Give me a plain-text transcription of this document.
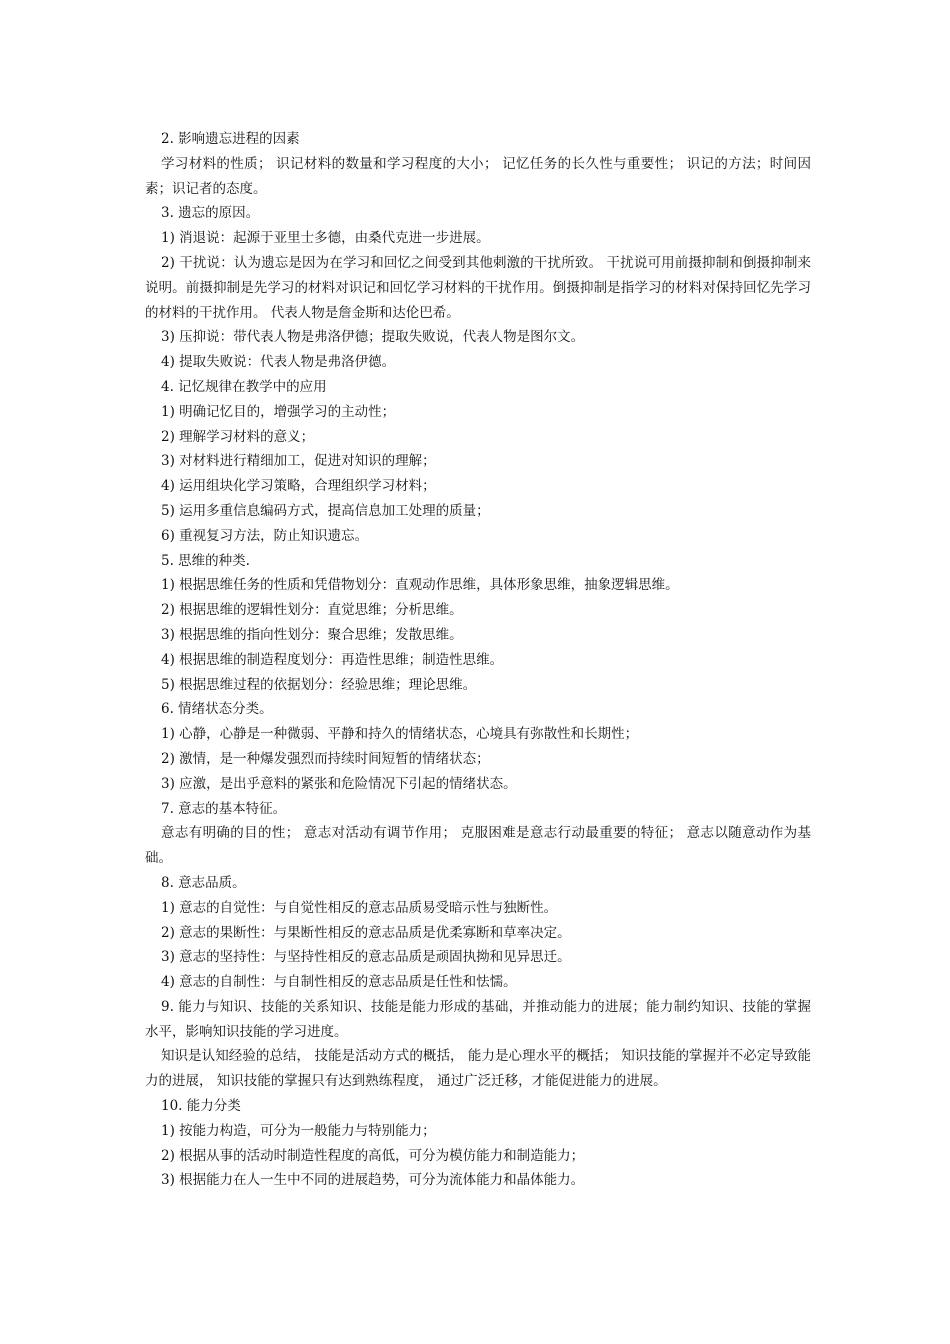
2. 影响遗忘进程的因素

学习材料的性质； 识记材料的数量和学习程度的大小； 记忆任务的长久性与重要性； 识记的方法；时间因素；识记者的态度。

3. 遗忘的原因。

1) 消退说：起源于亚里士多德，由桑代克进一步进展。

2) 干扰说：认为遗忘是因为在学习和回忆之间受到其他刺激的干扰所致。 干扰说可用前摄抑制和倒摄抑制来说明。前摄抑制是先学习的材料对识记和回忆学习材料的干扰作用。倒摄抑制是指学习的材料对保持回忆先学习的材料的干扰作用。 代表人物是詹金斯和达伦巴希。

3) 压抑说：带代表人物是弗洛伊德；提取失败说，代表人物是图尔文。

4) 提取失败说：代表人物是弗洛伊德。

4. 记忆规律在教学中的应用

1) 明确记忆目的，增强学习的主动性；

2) 理解学习材料的意义；

3) 对材料进行精细加工，促进对知识的理解；

4) 运用组块化学习策略，合理组织学习材料；

5) 运用多重信息编码方式，提高信息加工处理的质量；

6) 重视复习方法，防止知识遗忘。

5. 思维的种类.

1) 根据思维任务的性质和凭借物划分：直观动作思维，具体形象思维，抽象逻辑思维。

2) 根据思维的逻辑性划分：直觉思维；分析思维。

3) 根据思维的指向性划分：聚合思维；发散思维。

4) 根据思维的制造程度划分：再造性思维；制造性思维。

5) 根据思维过程的依据划分：经验思维；理论思维。

6. 情绪状态分类。

1) 心静，心静是一种微弱、平静和持久的情绪状态，心境具有弥散性和长期性；

2) 激情，是一种爆发强烈而持续时间短暂的情绪状态；

3) 应激，是出乎意料的紧张和危险情况下引起的情绪状态。

7. 意志的基本特征。

意志有明确的目的性； 意志对活动有调节作用； 克服困难是意志行动最重要的特征； 意志以随意动作为基础。

8. 意志品质。

1) 意志的自觉性：与自觉性相反的意志品质易受暗示性与独断性。

2) 意志的果断性：与果断性相反的意志品质是优柔寡断和草率决定。

3) 意志的坚持性：与坚持性相反的意志品质是顽固执拗和见异思迁。

4) 意志的自制性：与自制性相反的意志品质是任性和怯懦。

9. 能力与知识、技能的关系知识、技能是能力形成的基础，并推动能力的进展；能力制约知识、技能的掌握水平，影响知识技能的学习进度。

知识是认知经验的总结， 技能是活动方式的概括， 能力是心理水平的概括； 知识技能的掌握并不必定导致能力的进展， 知识技能的掌握只有达到熟练程度， 通过广泛迁移，才能促进能力的进展。

10. 能力分类

1) 按能力构造，可分为一般能力与特别能力；

2) 根据从事的活动时制造性程度的高低，可分为模仿能力和制造能力；

3) 根据能力在人一生中不同的进展趋势，可分为流体能力和晶体能力。
